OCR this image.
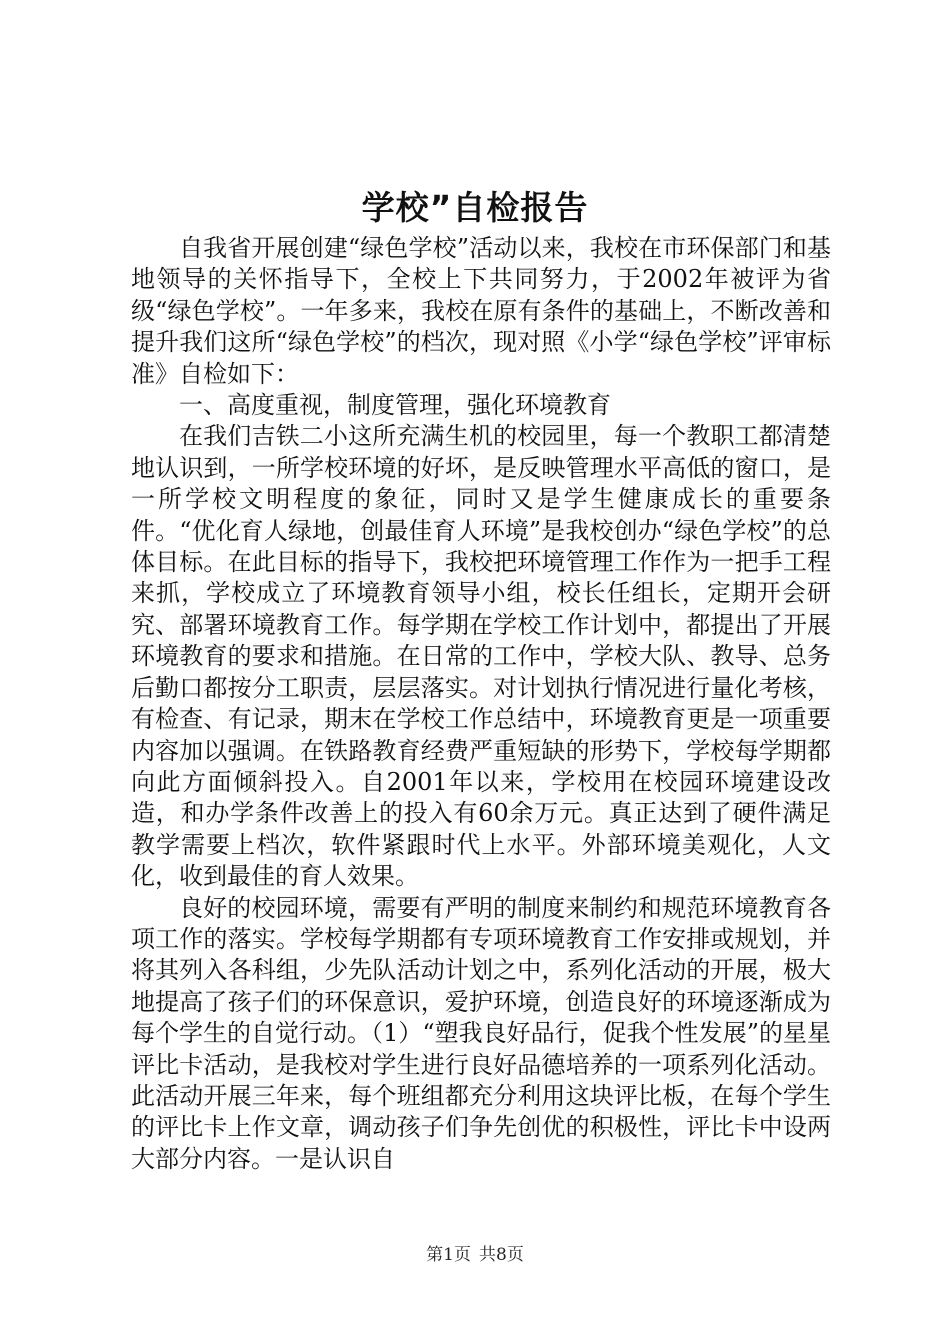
学校”自检报告

自我省开展创建“绿色学校”活动以来，我校在市环保部门和基地领导的关怀指导下，全校上下共同努力，于2002年被评为省级“绿色学校”。一年多来，我校在原有条件的基础上，不断改善和提升我们这所“绿色学校”的档次，现对照《小学“绿色学校”评审标准》自检如下：

一、高度重视，制度管理，强化环境教育

在我们吉铁二小这所充满生机的校园里，每一个教职工都清楚地认识到，一所学校环境的好坏，是反映管理水平高低的窗口，是一所学校文明程度的象征，同时又是学生健康成长的重要条件。“优化育人绿地，创最佳育人环境”是我校创办“绿色学校”的总体目标。在此目标的指导下，我校把环境管理工作作为一把手工程来抓，学校成立了环境教育领导小组，校长任组长，定期开会研究、部署环境教育工作。每学期在学校工作计划中，都提出了开展环境教育的要求和措施。在日常的工作中，学校大队、教导、总务后勤口都按分工职责，层层落实。对计划执行情况进行量化考核，有检查、有记录，期末在学校工作总结中，环境教育更是一项重要内容加以强调。在铁路教育经费严重短缺的形势下，学校每学期都向此方面倾斜投入。自2001年以来，学校用在校园环境建设改造，和办学条件改善上的投入有60余万元。真正达到了硬件满足教学需要上档次，软件紧跟时代上水平。外部环境美观化，人文化，收到最佳的育人效果。

良好的校园环境，需要有严明的制度来制约和规范环境教育各项工作的落实。学校每学期都有专项环境教育工作安排或规划，并将其列入各科组，少先队活动计划之中，系列化活动的开展，极大地提高了孩子们的环保意识，爱护环境，创造良好的环境逐渐成为每个学生的自觉行动。（1）“塑我良好品行，促我个性发展”的星星评比卡活动，是我校对学生进行良好品德培养的一项系列化活动。此活动开展三年来，每个班组都充分利用这块评比板，在每个学生的评比卡上作文章，调动孩子们争先创优的积极性，评比卡中设两大部分内容。一是认识自

第1页 共8页
